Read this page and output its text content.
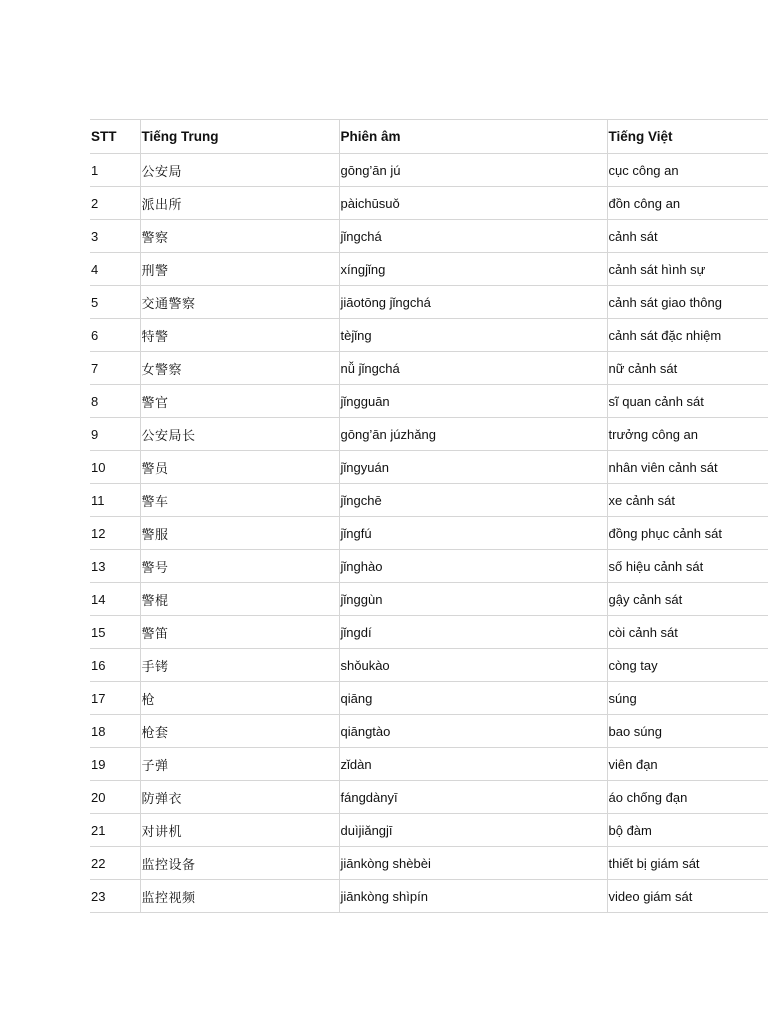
STT	Tiếng Trung	Phiên âm	Tiếng Việt
1	公安局	gōng’ān jú	cục công an
2	派出所	pàichūsuǒ	đồn công an
3	警察	jǐngchá	cảnh sát
4	刑警	xíngjǐng	cảnh sát hình sự
5	交通警察	jiāotōng jǐngchá	cảnh sát giao thông
6	特警	tèjǐng	cảnh sát đặc nhiệm
7	女警察	nǚ jǐngchá	nữ cảnh sát
8	警官	jǐngguān	sĩ quan cảnh sát
9	公安局长	gōng’ān júzhǎng	trưởng công an
10	警员	jǐngyuán	nhân viên cảnh sát
11	警车	jǐngchē	xe cảnh sát
12	警服	jǐngfú	đồng phục cảnh sát
13	警号	jǐnghào	số hiệu cảnh sát
14	警棍	jǐnggùn	gậy cảnh sát
15	警笛	jǐngdí	còi cảnh sát
16	手铐	shǒukào	còng tay
17	枪	qiāng	súng
18	枪套	qiāngtào	bao súng
19	子弹	zǐdàn	viên đạn
20	防弹衣	fángdànyī	áo chống đạn
21	对讲机	duìjiǎngjī	bộ đàm
22	监控设备	jiānkòng shèbèi	thiết bị giám sát
23	监控视频	jiānkòng shìpín	video giám sát
